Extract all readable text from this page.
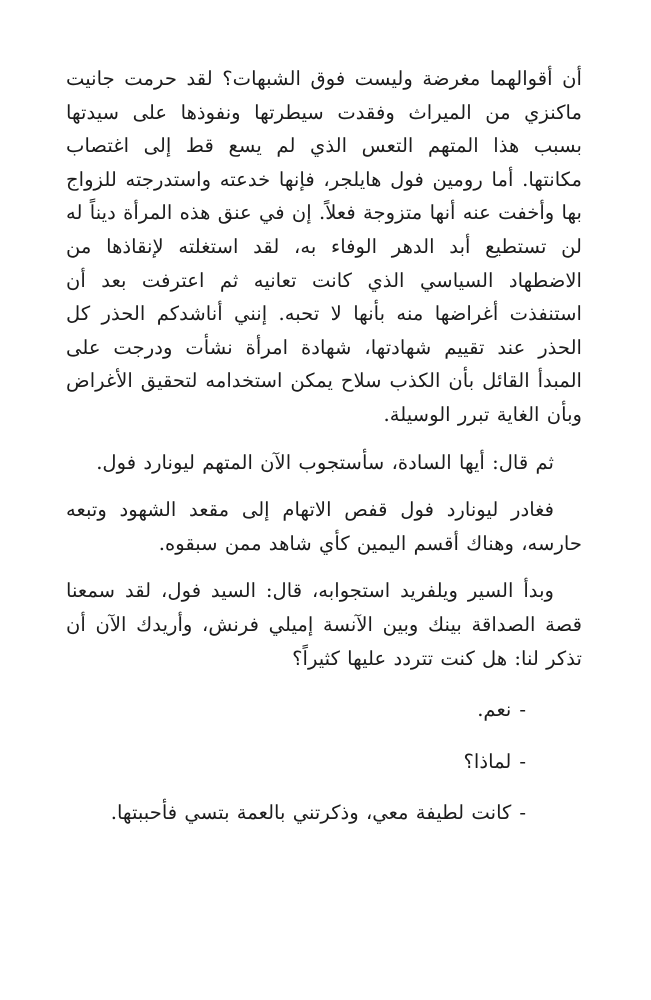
أن أقوالهما مغرضة وليست فوق الشبهات؟ لقد حرمت جانيت ماكنزي من الميراث وفقدت سيطرتها ونفوذها على سيدتها بسبب هذا المتهم التعس الذي لم يسع قط إلى اغتصاب مكانتها. أما رومين فول هايلجر، فإنها خدعته واستدرجته للزواج بها وأخفت عنه أنها متزوجة فعلاً. إن في عنق هذه المرأة ديناً له لن تستطيع أبد الدهر الوفاء به، لقد استغلته لإنقاذها من الاضطهاد السياسي الذي كانت تعانيه ثم اعترفت بعد أن استنفذت أغراضها منه بأنها لا تحبه. إنني أناشدكم الحذر كل الحذر عند تقييم شهادتها، شهادة امرأة نشأت ودرجت على المبدأ القائل بأن الكذب سلاح يمكن استخدامه لتحقيق الأغراض وبأن الغاية تبرر الوسيلة.

ثم قال: أيها السادة، سأستجوب الآن المتهم ليونارد فول.

فغادر ليونارد فول قفص الاتهام إلى مقعد الشهود وتبعه حارسه، وهناك أقسم اليمين كأي شاهد ممن سبقوه.

وبدأ السير ويلفريد استجوابه، قال: السيد فول، لقد سمعنا قصة الصداقة بينك وبين الآنسة إميلي فرنش، وأريدك الآن أن تذكر لنا: هل كنت تتردد عليها كثيراً؟

-نعم.

-لماذا؟

-كانت لطيفة معي، وذكرتني بالعمة بتسي فأحببتها.
